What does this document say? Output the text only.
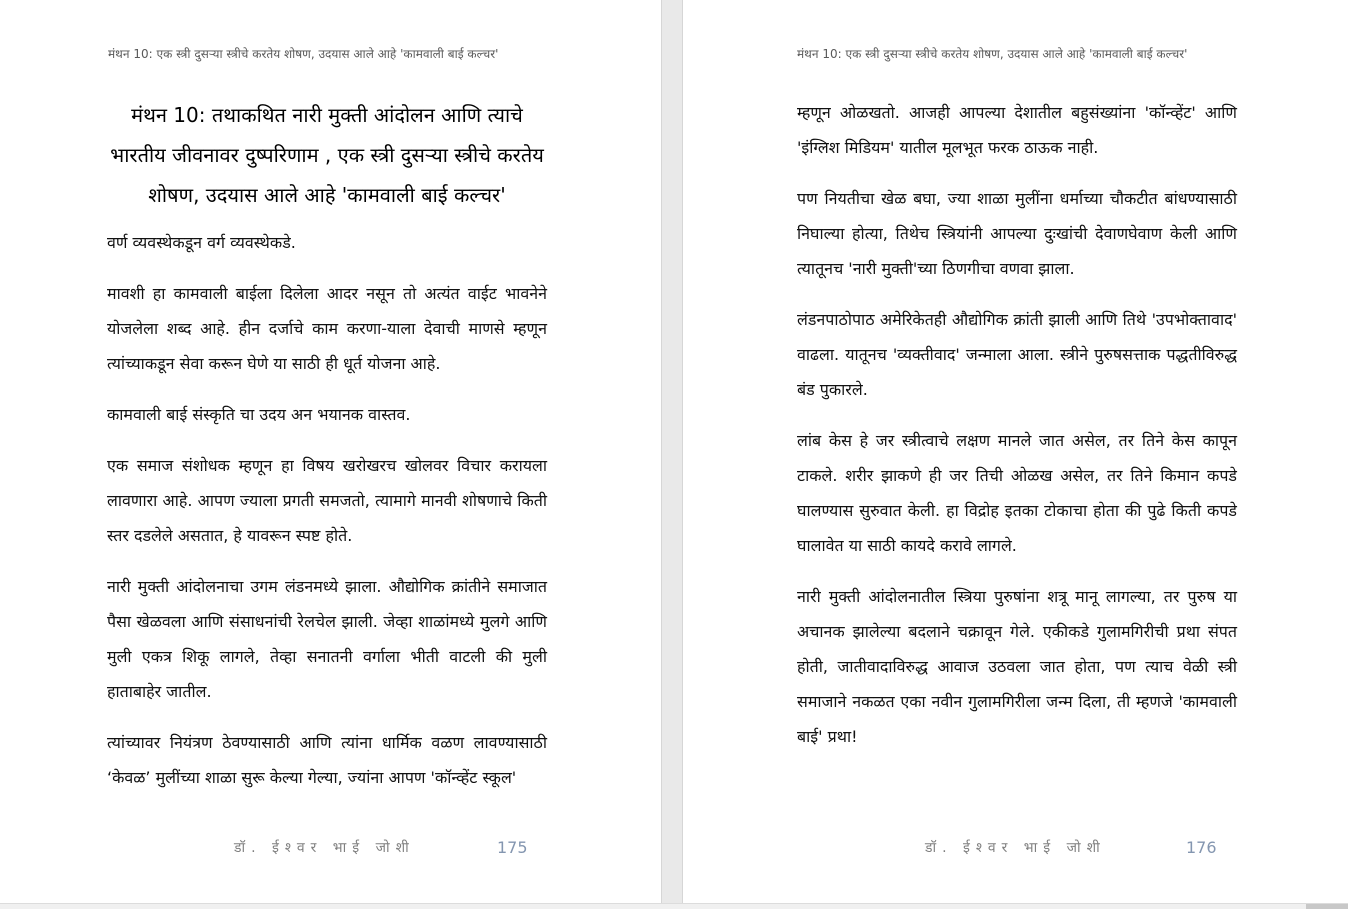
मंथन 10: एक स्त्री दुसऱ्या स्त्रीचे करतेय शोषण, उदयास आले आहे 'कामवाली बाई कल्चर'
मंथन 10: तथाकथित नारी मुक्ती आंदोलन आणि त्याचे भारतीय जीवनावर दुष्परिणाम , एक स्त्री दुसऱ्या स्त्रीचे करतेय शोषण, उदयास आले आहे 'कामवाली बाई कल्चर'

वर्ण व्यवस्थेकडून वर्ग व्यवस्थेकडे.

मावशी हा कामवाली बाईला दिलेला आदर नसून तो अत्यंत वाईट भावनेने योजलेला शब्द आहे. हीन दर्जाचे काम करणा-याला देवाची माणसे म्हणून त्यांच्याकडून सेवा करून घेणे या साठी ही धूर्त योजना आहे.

कामवाली बाई संस्कृति चा उदय अन भयानक वास्तव.

एक समाज संशोधक म्हणून हा विषय खरोखरच खोलवर विचार करायला लावणारा आहे. आपण ज्याला प्रगती समजतो, त्यामागे मानवी शोषणाचे किती स्तर दडलेले असतात, हे यावरून स्पष्ट होते.

नारी मुक्ती आंदोलनाचा उगम लंडनमध्ये झाला. औद्योगिक क्रांतीने समाजात पैसा खेळवला आणि संसाधनांची रेलचेल झाली. जेव्हा शाळांमध्ये मुलगे आणि मुली एकत्र शिकू लागले, तेव्हा सनातनी वर्गाला भीती वाटली की मुली हाताबाहेर जातील.

त्यांच्यावर नियंत्रण ठेवण्यासाठी आणि त्यांना धार्मिक वळण लावण्यासाठी ‘केवळ’ मुलींच्या शाळा सुरू केल्या गेल्या, ज्यांना आपण 'कॉन्व्हेंट स्कूल'

डॉ. ईश्वर भाई जोशी	175
मंथन 10: एक स्त्री दुसऱ्या स्त्रीचे करतेय शोषण, उदयास आले आहे 'कामवाली बाई कल्चर'

म्हणून ओळखतो. आजही आपल्या देशातील बहुसंख्यांना 'कॉन्व्हेंट' आणि 'इंग्लिश मिडियम' यातील मूलभूत फरक ठाऊक नाही.

पण नियतीचा खेळ बघा, ज्या शाळा मुलींना धर्माच्या चौकटीत बांधण्यासाठी निघाल्या होत्या, तिथेच स्त्रियांनी आपल्या दुःखांची देवाणघेवाण केली आणि त्यातूनच 'नारी मुक्ती'च्या ठिणगीचा वणवा झाला.

लंडनपाठोपाठ अमेरिकेतही औद्योगिक क्रांती झाली आणि तिथे 'उपभोक्तावाद' वाढला. यातूनच 'व्यक्तीवाद' जन्माला आला. स्त्रीने पुरुषसत्ताक पद्धतीविरुद्ध बंड पुकारले.

लांब केस हे जर स्त्रीत्वाचे लक्षण मानले जात असेल, तर तिने केस कापून टाकले. शरीर झाकणे ही जर तिची ओळख असेल, तर तिने किमान कपडे घालण्यास सुरुवात केली. हा विद्रोह इतका टोकाचा होता की पुढे किती कपडे घालावेत या साठी कायदे करावे लागले.

नारी मुक्ती आंदोलनातील स्त्रिया पुरुषांना शत्रू मानू लागल्या, तर पुरुष या अचानक झालेल्या बदलाने चक्रावून गेले. एकीकडे गुलामगिरीची प्रथा संपत होती, जातीवादाविरुद्ध आवाज उठवला जात होता, पण त्याच वेळी स्त्री समाजाने नकळत एका नवीन गुलामगिरीला जन्म दिला, ती म्हणजे 'कामवाली बाई' प्रथा!

डॉ. ईश्वर भाई जोशी	176
